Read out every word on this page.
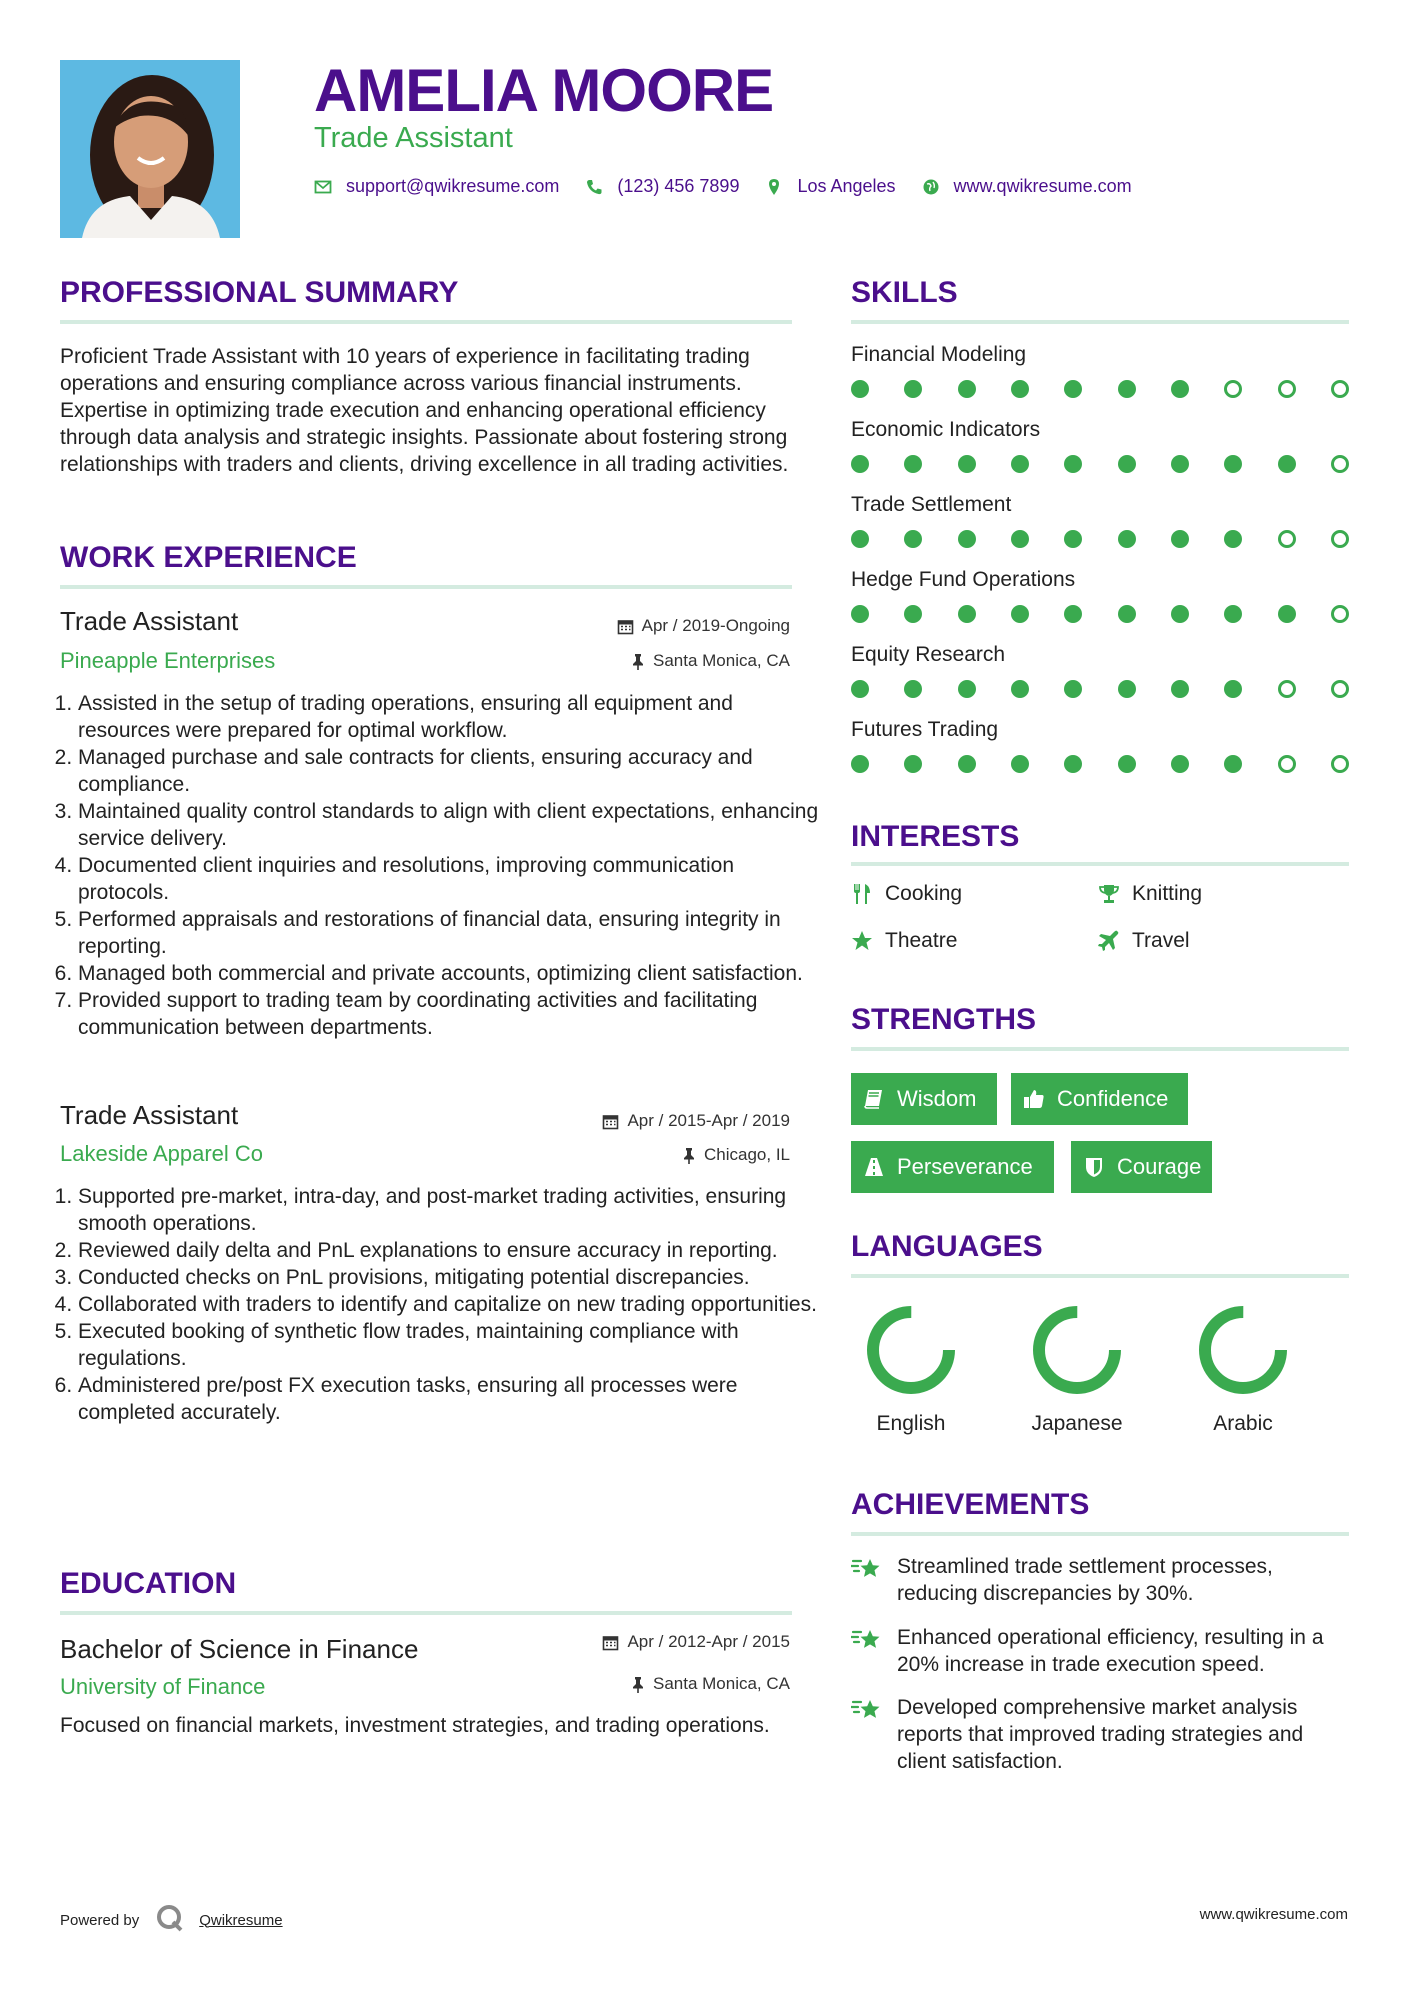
AMELIA MOORE

Trade Assistant

support@qwikresume.com	(123) 456 7899	Los Angeles	www.qwikresume.com
PROFESSIONAL SUMMARY

Proficient Trade Assistant with 10 years of experience in facilitating trading operations and ensuring compliance across various financial instruments. Expertise in optimizing trade execution and enhancing operational efficiency through data analysis and strategic insights. Passionate about fostering strong relationships with traders and clients, driving excellence in all trading activities.

WORK EXPERIENCE

Trade Assistant	Apr / 2019-Ongoing

Pineapple Enterprises	Santa Monica, CA
1. Assisted in the setup of trading operations, ensuring all equipment and resources were prepared for optimal workflow.
2. Managed purchase and sale contracts for clients, ensuring accuracy and compliance.
3. Maintained quality control standards to align with client expectations, enhancing service delivery.
4. Documented client inquiries and resolutions, improving communication protocols.
5. Performed appraisals and restorations of financial data, ensuring integrity in reporting.
6. Managed both commercial and private accounts, optimizing client satisfaction.
7. Provided support to trading team by coordinating activities and facilitating communication between departments.

Trade Assistant	Apr / 2015-Apr / 2019

Lakeside Apparel Co	Chicago, IL
1. Supported pre-market, intra-day, and post-market trading activities, ensuring smooth operations.
2. Reviewed daily delta and PnL explanations to ensure accuracy in reporting.
3. Conducted checks on PnL provisions, mitigating potential discrepancies.
4. Collaborated with traders to identify and capitalize on new trading opportunities.
5. Executed booking of synthetic flow trades, maintaining compliance with regulations.
6. Administered pre/post FX execution tasks, ensuring all processes were completed accurately.
EDUCATION

Bachelor of Science in Finance	Apr / 2012-Apr / 2015

University of Finance	Santa Monica, CA

Focused on financial markets, investment strategies, and trading operations.

SKILLS

Financial Modeling

Economic Indicators

Trade Settlement

Hedge Fund Operations

Equity Research

Futures Trading

INTERESTS
Cooking	Knitting
Theatre	Travel
STRENGTHS
Wisdom	Confidence
Perseverance	Courage
LANGUAGES
English	Japanese	Arabic
ACHIEVEMENTS
Streamlined trade settlement processes, reducing discrepancies by 30%.
Enhanced operational efficiency, resulting in a 20% increase in trade execution speed.
Developed comprehensive market analysis reports that improved trading strategies and client satisfaction.
Powered by	Qwikresume	www.qwikresume.com
